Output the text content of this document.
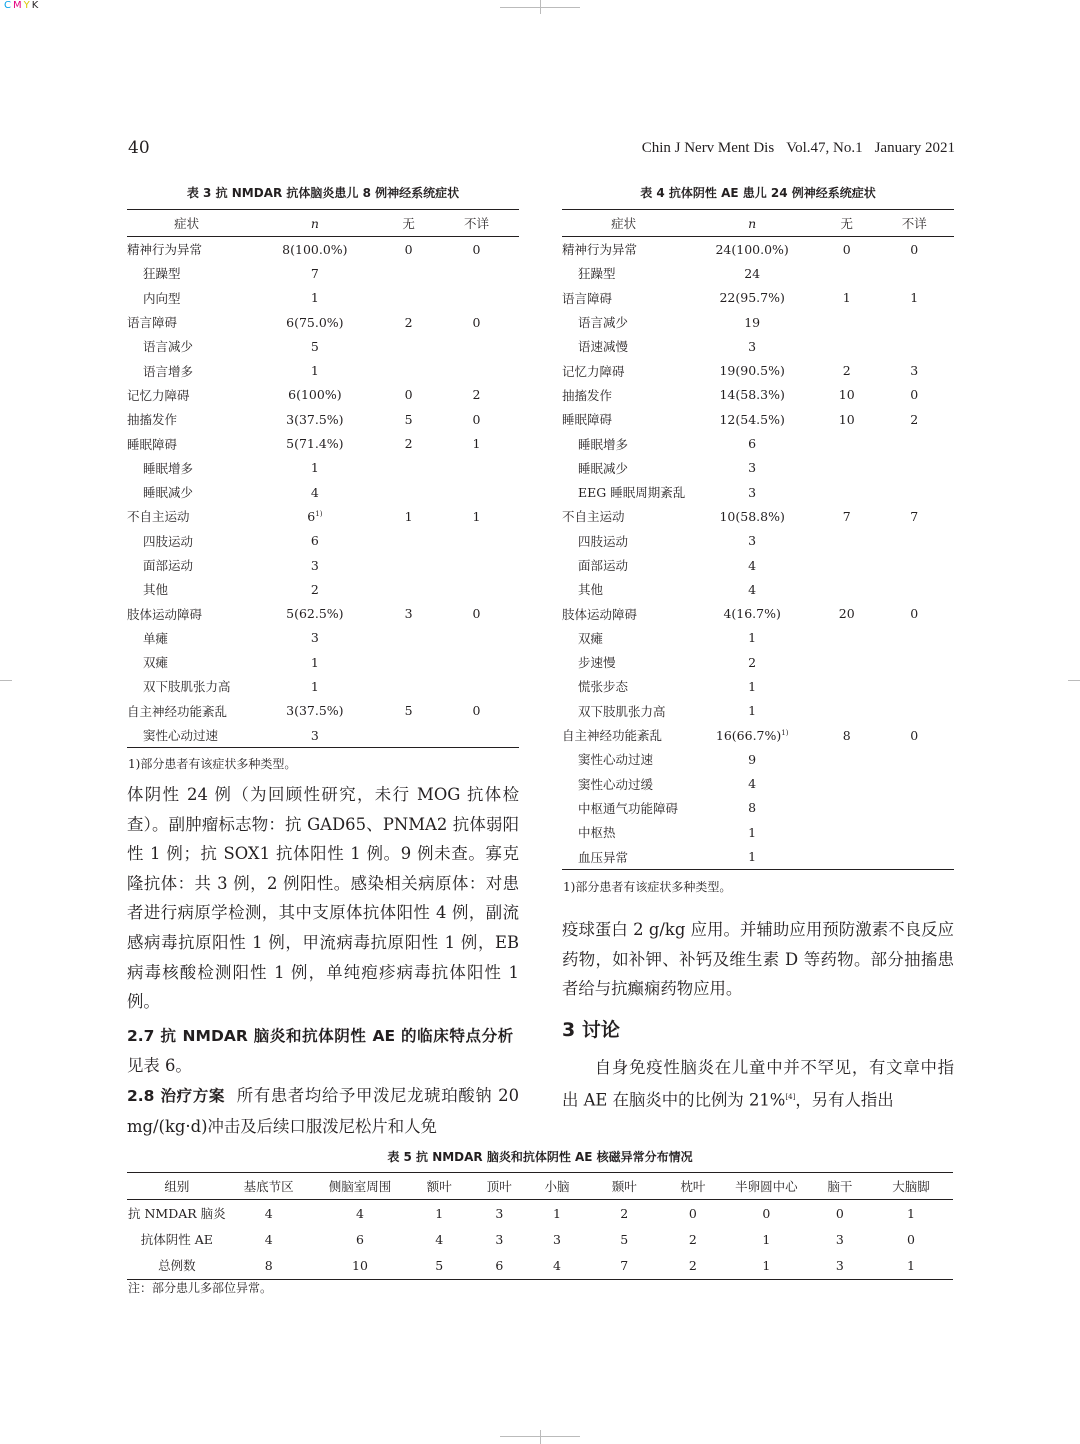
CMYK
40	Chin J Nerv Ment Dis Vol.47, No.1 January 2021
表 3 抗 NMDAR 抗体脑炎患儿 8 例神经系统症状
症状	n	无	不详
精神行为异常	8(100.0%)	0	0
狂躁型	7		
内向型	1		
语言障碍	6(75.0%)	2	0
语言减少	5		
语言增多	1		
记忆力障碍	6(100%)	0	2
抽搐发作	3(37.5%)	5	0
睡眠障碍	5(71.4%)	2	1
睡眠增多	1		
睡眠减少	4		
不自主运动	6$^{1)}$	1	1
四肢运动	6		
面部运动	3		
其他	2		
肢体运动障碍	5(62.5%)	3	0
单瘫	3		
双瘫	1		
双下肢肌张力高	1		
自主神经功能紊乱	3(37.5%)	5	0
窦性心动过速	3		
1)部分患者有该症状多种类型。
表 4 抗体阴性 AE 患儿 24 例神经系统症状
症状	n	无	不详
精神行为异常	24(100.0%)	0	0
狂躁型	24		
语言障碍	22(95.7%)	1	1
语言减少	19		
语速减慢	3		
记忆力障碍	19(90.5%)	2	3
抽搐发作	14(58.3%)	10	0
睡眠障碍	12(54.5%)	10	2
睡眠增多	6		
睡眠减少	3		
EEG 睡眠周期紊乱	3		
不自主运动	10(58.8%)	7	7
四肢运动	3		
面部运动	4		
其他	4		
肢体运动障碍	4(16.7%)	20	0
双瘫	1		
步速慢	2		
慌张步态	1		
双下肢肌张力高	1		
自主神经功能紊乱	$16(66.7\%)^{1)}$	8	0
窦性心动过速	9		
窦性心动过缓	4		
中枢通气功能障碍	8		
中枢热	1		
血压异常	1		
1)部分患者有该症状多种类型。

体阴性 24 例（为回顾性研究，未行 MOG 抗体检查）。副肿瘤标志物：抗 GAD65、PNMA2 抗体弱阳性 1 例；抗 SOX1 抗体阳性 1 例。9 例未查。寡克隆抗体：共 3 例，2 例阳性。感染相关病原体：对患者进行病原学检测，其中支原体抗体阳性 4 例，副流感病毒抗原阳性 1 例，甲流病毒抗原阳性 1 例，EB 病毒核酸检测阳性 1 例，单纯疱疹病毒抗体阳性 1 例。

2.7 抗 NMDAR 脑炎和抗体阴性 AE 的临床特点分析  见表 6。

2.8 治疗方案 所有患者均给予甲泼尼龙琥珀酸钠 20 mg/(kg·d)冲击及后续口服泼尼松片和人免

疫球蛋白 2 g/kg 应用。并辅助应用预防激素不良反应药物，如补钾、补钙及维生素 D 等药物。部分抽搐患者给与抗癫痫药物应用。

3 讨论

自身免疫性脑炎在儿童中并不罕见，有文章中指出 AE 在脑炎中的比例为 21%[4]，另有人指出

表 5 抗 NMDAR 脑炎和抗体阴性 AE 核磁异常分布情况
组别	基底节区	侧脑室周围	额叶	顶叶	小脑	颞叶	枕叶	半卵圆中心	脑干	大脑脚
抗 NMDAR 脑炎	4	4	1	3	1	2	0	0	0	1
抗体阴性 AE	4	6	4	3	3	5	2	1	3	0
总例数	8	10	5	6	4	7	2	1	3	1
注：部分患儿多部位异常。
